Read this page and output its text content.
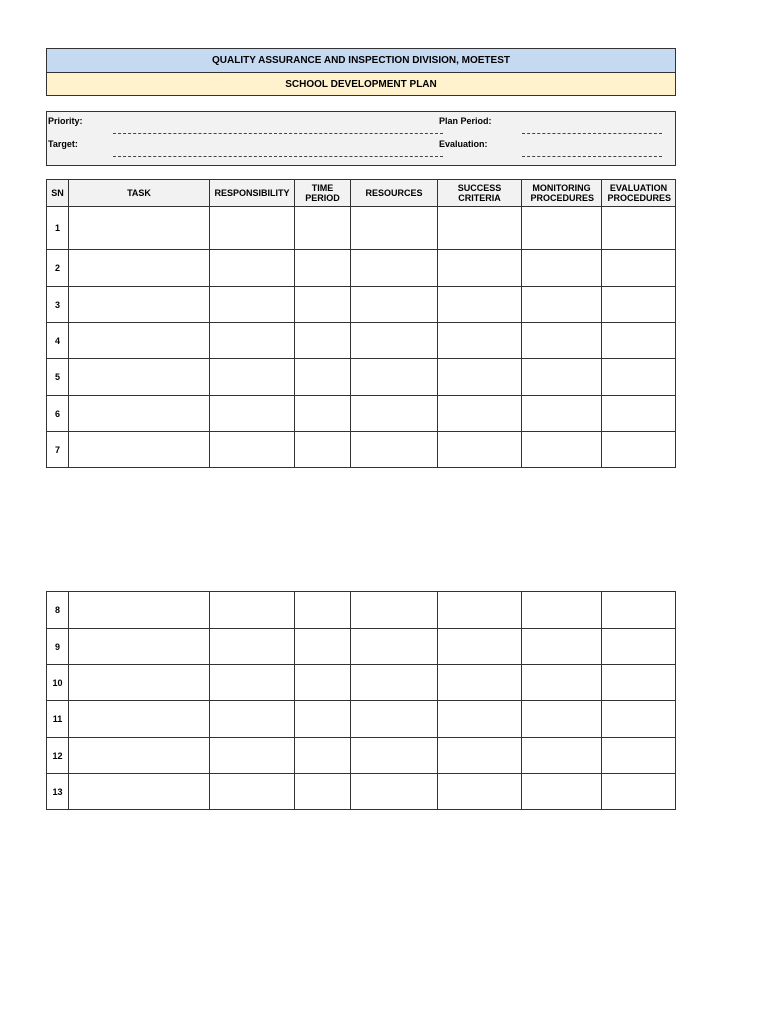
QUALITY ASSURANCE AND INSPECTION DIVISION, MOETEST
SCHOOL DEVELOPMENT PLAN
Priority:
Target:
Plan Period:
Evaluation:
SN	TASK	RESPONSIBILITY	TIME PERIOD	RESOURCES	SUCCESS CRITERIA	MONITORING PROCEDURES	EVALUATION PROCEDURES
1							
2							
3							
4							
5							
6							
7							
8							
9							
10							
11							
12							
13							
